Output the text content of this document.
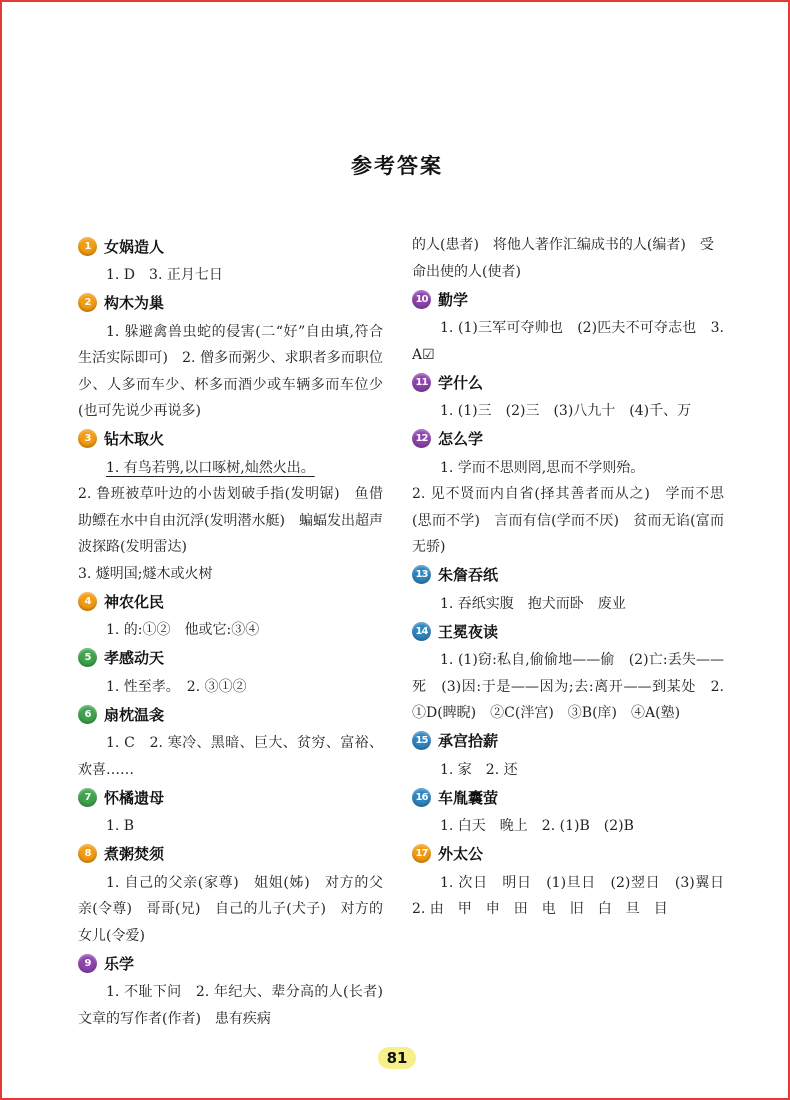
参考答案
1 女娲造人

1. D　3. 正月七日

2 构木为巢

1. 躲避禽兽虫蛇的侵害(二“好”自由填,符合生活实际即可)　2. 僧多而粥少、求职者多而职位少、人多而车少、杯多而酒少或车辆多而车位少(也可先说少再说多)

3 钻木取火

1. 有鸟若鸮,以口啄树,灿然火出。

2. 鲁班被草叶边的小齿划破手指(发明锯)　鱼借助鳔在水中自由沉浮(发明潜水艇)　蝙蝠发出超声波探路(发明雷达)

3. 燧明国;燧木或火树

4 神农化民

1. 的:①②　他或它:③④

5 孝感动天

1. 性至孝。　2. ③①②

6 扇枕温衾

1. C　2. 寒冷、黑暗、巨大、贫穷、富裕、欢喜……

7 怀橘遗母

1. B

8 煮粥焚须

1. 自己的父亲(家尊)　姐姐(姊)　对方的父亲(令尊)　哥哥(兄)　自己的儿子(犬子)　对方的女儿(令爱)

9 乐学

1. 不耻下问　2. 年纪大、辈分高的人(长者)　文章的写作者(作者)　患有疾病

的人(患者)　将他人著作汇编成书的人(编者)　受命出使的人(使者)

10 勤学

1. (1)三军可夺帅也　(2)匹夫不可夺志也　3. A☑

11 学什么

1. (1)三　(2)三　(3)八九十　(4)千、万

12 怎么学

1. 学而不思则罔,思而不学则殆。

2. 见不贤而内自省(择其善者而从之)　学而不思(思而不学)　言而有信(学而不厌)　贫而无谄(富而无骄)

13 朱詹吞纸

1. 吞纸实腹　抱犬而卧　废业

14 王冕夜读

1. (1)窃:私自,偷偷地——偷　(2)亡:丢失——死　(3)因:于是——因为;去:离开——到某处　2. ①D(睥睨)　②C(泮宫)　③B(庠)　④A(塾)

15 承宫拾薪

1. 家　2. 还

16 车胤囊萤

1. 白天　晚上　2. (1)B　(2)B

17 外太公

1. 次日　明日　(1)旦日　(2)翌日　(3)翼日　2. 由　甲　申　田　电　旧　白　旦　目

81
